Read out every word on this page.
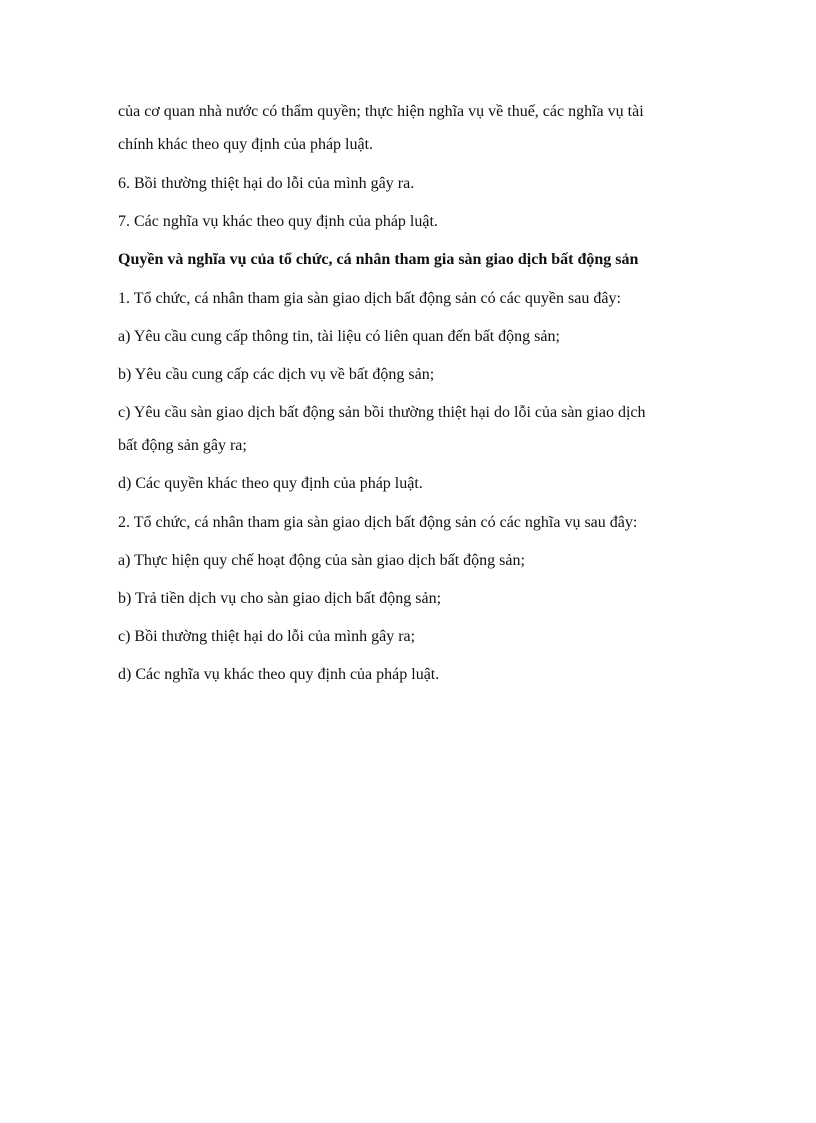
của cơ quan nhà nước có thẩm quyền; thực hiện nghĩa vụ về thuế, các nghĩa vụ tài

chính khác theo quy định của pháp luật.

6. Bồi thường thiệt hại do lỗi của mình gây ra.

7. Các nghĩa vụ khác theo quy định của pháp luật.

Quyền và nghĩa vụ của tổ chức, cá nhân tham gia sàn giao dịch bất động sản

1. Tổ chức, cá nhân tham gia sàn giao dịch bất động sản có các quyền sau đây:

a) Yêu cầu cung cấp thông tin, tài liệu có liên quan đến bất động sản;

b) Yêu cầu cung cấp các dịch vụ về bất động sản;

c) Yêu cầu sàn giao dịch bất động sản bồi thường thiệt hại do lỗi của sàn giao dịch

bất động sản gây ra;

d) Các quyền khác theo quy định của pháp luật.

2. Tổ chức, cá nhân tham gia sàn giao dịch bất động sản có các nghĩa vụ sau đây:

a) Thực hiện quy chế hoạt động của sàn giao dịch bất động sản;

b) Trả tiền dịch vụ cho sàn giao dịch bất động sản;

c) Bồi thường thiệt hại do lỗi của mình gây ra;

d) Các nghĩa vụ khác theo quy định của pháp luật.
